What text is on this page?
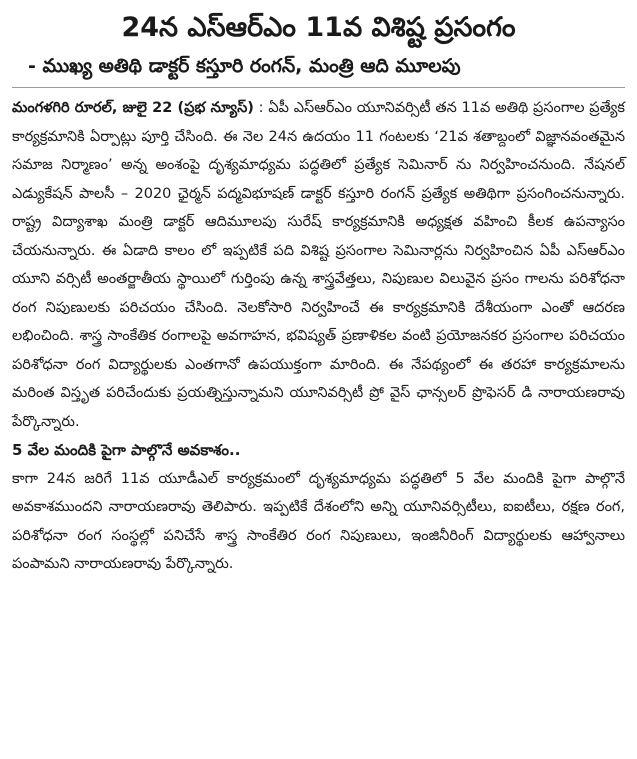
24న ఎస్ఆర్ఎం 11వ విశిష్ట ప్రసంగం
- ముఖ్య అతిథి డాక్టర్ కస్తూరి రంగన్, మంత్రి ఆది మూలపు

మంగళగిరి రూరల్, జులై 22 (ప్రభ న్యూస్) : ఏపీ ఎస్ఆర్ఎం యూనివర్సిటీ తన 11వ అతిథి ప్రసంగాల ప్రత్యేక కార్యక్రమానికి ఏర్పాట్లు పూర్తి చేసింది. ఈ నెల 24న ఉదయం 11 గంటలకు ‘21వ శతాబ్దంలో విజ్ఞానవంతమైన సమాజ నిర్మాణం’ అన్న అంశంపై దృశ్యమాధ్యమ పద్ధతిలో ప్రత్యేక సెమినార్ ను నిర్వహించనుంది. నేషనల్ ఎడ్యుకేషన్ పాలసీ – 2020 ఛైర్మన్ పద్మవిభూషణ్ డాక్టర్ కస్తూరి రంగన్ ప్రత్యేక అతిథిగా ప్రసంగించనున్నారు. రాష్ట్ర విద్యాశాఖ మంత్రి డాక్టర్ ఆదిమూలపు సురేష్ కార్యక్రమానికి అధ్యక్షత వహించి కీలక ఉపన్యాసం చేయనున్నారు. ఈ ఏడాది కాలం లో ఇప్పటికే పది విశిష్ట ప్రసంగాల సెమినార్లను నిర్వహించిన ఏపీ ఎస్ఆర్ఎం యూని వర్సిటీ అంతర్జాతీయ స్థాయిలో గుర్తింపు ఉన్న శాస్త్రవేత్తలు, నిపుణుల విలువైన ప్రసం గాలను పరిశోధనా రంగ నిపుణులకు పరిచయం చేసింది. నెలకోసారి నిర్వహించే ఈ కార్యక్రమానికి దేశీయంగా ఎంతో ఆదరణ లభించింది. శాస్త్ర సాంకేతిక రంగాలపై అవగాహన, భవిష్యత్ ప్రణాళికల వంటి ప్రయోజనకర ప్రసంగాల పరిచయం పరిశోధనా రంగ విద్యార్థులకు ఎంతగానో ఉపయుక్తంగా మారింది. ఈ నేపథ్యంలో ఈ తరహా కార్యక్రమాలను మరింత విస్తృత పరిచేందుకు ప్రయత్నిస్తున్నామని యూనివర్సిటీ ప్రో వైస్ ఛాన్సలర్ ప్రొఫెసర్ డి నారాయణరావు పేర్కొన్నారు.

5 వేల మందికి పైగా పాల్గొనే అవకాశం..

కాగా 24న జరిగే 11వ యూడీఎల్ కార్యక్రమంలో దృశ్యమాధ్యమ పద్ధతిలో 5 వేల మందికి పైగా పాల్గొనే అవకాశముందని నారాయణరావు తెలిపారు. ఇప్పటికే దేశంలోని అన్ని యూనివర్సిటీలు, ఐఐటీలు, రక్షణ రంగ, పరిశోధనా రంగ సంస్థల్లో పనిచేసే శాస్త్ర సాంకేతిర రంగ నిపుణులు, ఇంజినీరింగ్ విద్యార్థులకు ఆహ్వానాలు పంపామని నారాయణరావు పేర్కొన్నారు.
